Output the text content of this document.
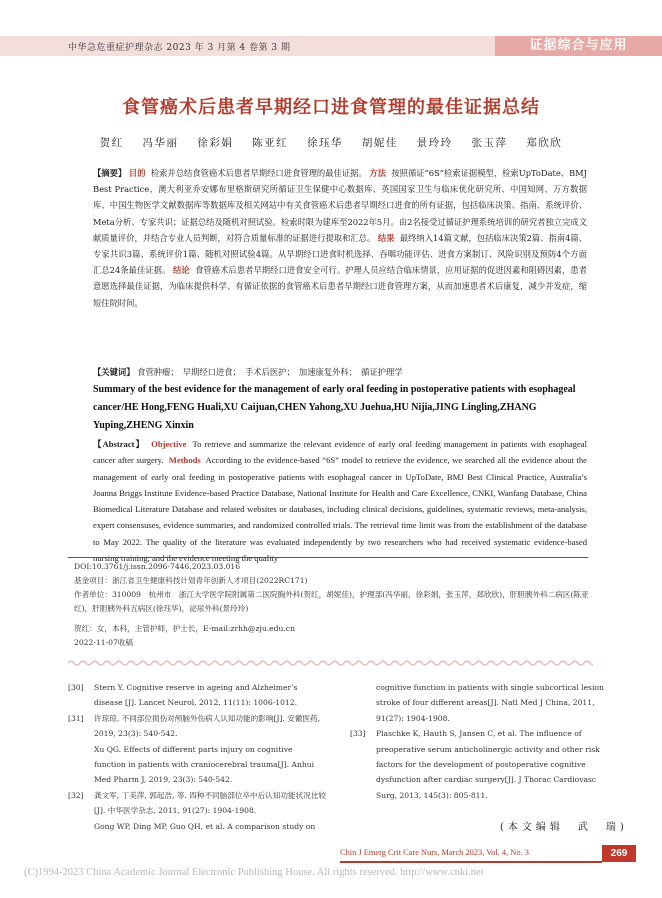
中华急危重症护理杂志 2023 年 3 月第 4 卷第 3 期	证据综合与应用
食管癌术后患者早期经口进食管理的最佳证据总结
贺红 冯华丽 徐彩娟 陈亚红 徐珏华 胡妮佳 景玲玲 张玉萍 郑欣欣
【摘要】 目的 检索并总结食管癌术后患者早期经口进食管理的最佳证据。 方法 按照循证“6S”检索证据模型，检索UpToDate、BMJ Best Practice、澳大利亚乔安娜布里格斯研究所循证卫生保健中心数据库、英国国家卫生与临床优化研究所、中国知网、万方数据库、中国生物医学文献数据库等数据库及相关网站中有关食管癌术后患者早期经口进食的所有证据，包括临床决策、指南、系统评价、Meta分析、专家共识；证据总结及随机对照试验。检索时限为建库至2022年5月。由2名接受过循证护理系统培训的研究者独立完成文献质量评价，并结合专业人员判断，对符合质量标准的证据进行提取和汇总。 结果 最终纳入14篇文献，包括临床决策2篇、指南4篇、专家共识3篇、系统评价1篇、随机对照试验4篇。从早期经口进食时机选择、吞咽功能评估、进食方案制订、风险识别及预防4个方面汇总24条最佳证据。 结论 食管癌术后患者早期经口进食安全可行。护理人员应结合临床情景，应用证据的促进因素和阻碍因素，患者意愿选择最佳证据，为临床提供科学、有循证依据的食管癌术后患者早期经口进食管理方案，从而加速患者术后康复，减少并发症，缩短住院时间。
【关键词】 食管肿瘤；　早期经口进食；　手术后医护；　加速康复外科；　循证护理学
Summary of the best evidence for the management of early oral feeding in postoperative patients with esophageal cancer/HE Hong,FENG Huali,XU Caijuan,CHEN Yahong,XU Juehua,HU Nijia,JING Lingling,ZHANG Yuping,ZHENG Xinxin
【Abstract】 Objective To retrieve and summarize the relevant evidence of early oral feeding management in patients with esophageal cancer after surgery. Methods According to the evidence-based “6S” model to retrieve the evidence, we searched all the evidence about the management of early oral feeding in postoperative patients with esophageal cancer in UpToDate, BMJ Best Clinical Practice, Australia’s Joanna Briggs Institute Evidence-based Practice Database, National Institute for Health and Care Excellence, CNKI, Wanfang Database, China Biomedical Literature Database and related websites or databases, including clinical decisions, guidelines, systematic reviews, meta-analysis, expert consensuses, evidence summaries, and randomized controlled trials. The retrieval time limit was from the establishment of the database to May 2022. The quality of the literature was evaluated independently by two researchers who had received systematic evidence-based nursing training, and the evidence meeting the quality
DOI:10.3761/j.issn.2096-7446.2023.03.016
基金项目：浙江省卫生健康科技计划青年创新人才项目(2022RC171)
作者单位：310009　杭州市　浙江大学医学院附属第二医院胸外科(贺红，胡妮佳)，护理部(冯华丽，徐彩娟，张玉萍，郑欣欣)，肝胆胰外科二病区(陈亚红)，肝胆胰外科五病区(徐珏华)，泌尿外科(景玲玲)
贺红：女，本科，主管护师，护士长，E-mail:zrhh@zju.edu.cn
2022-11-07收稿
[30]	Stern Y. Cognitive reserve in ageing and Alzheimer’s disease [J]. Lancet Neurol, 2012, 11(11): 1006-1012.
[31]	许琼琼. 不同部位损伤对颅脑外伤病人认知功能的影响[J]. 安徽医药, 2019, 23(3): 540-542.
Xu QG. Effects of different parts injury on cognitive function in patients with craniocerebral trauma[J]. Anhui Med Pharm J, 2019, 23(3): 540-542.
[32]	龚文军, 丁美萍, 郭起浩, 等. 四种不同脑部位卒中后认知功能状况比较[J]. 中华医学杂志, 2011, 91(27): 1904-1908.
Gong WP, Ding MP, Guo QH, et al. A comparison study on
cognitive function in patients with single subcortical lesion stroke of four different areas[J]. Natl Med J China, 2011, 91(27): 1904-1908.
[33]	Plaschke K, Hauth S, Jansen C, et al. The influence of preoperative serum anticholinergic activity and other risk factors for the development of postoperative cognitive dysfunction after cardiac surgery[J]. J Thorac Cardiovasc Surg, 2013, 145(3): 805-811.
(本文编辑　武　瑞)
Chin J Emerg Crit Care Nurs, March 2023, Vol. 4, No. 3	269
(C)1994-2023 China Academic Journal Electronic Publishing House. All rights reserved. http://www.cnki.net
